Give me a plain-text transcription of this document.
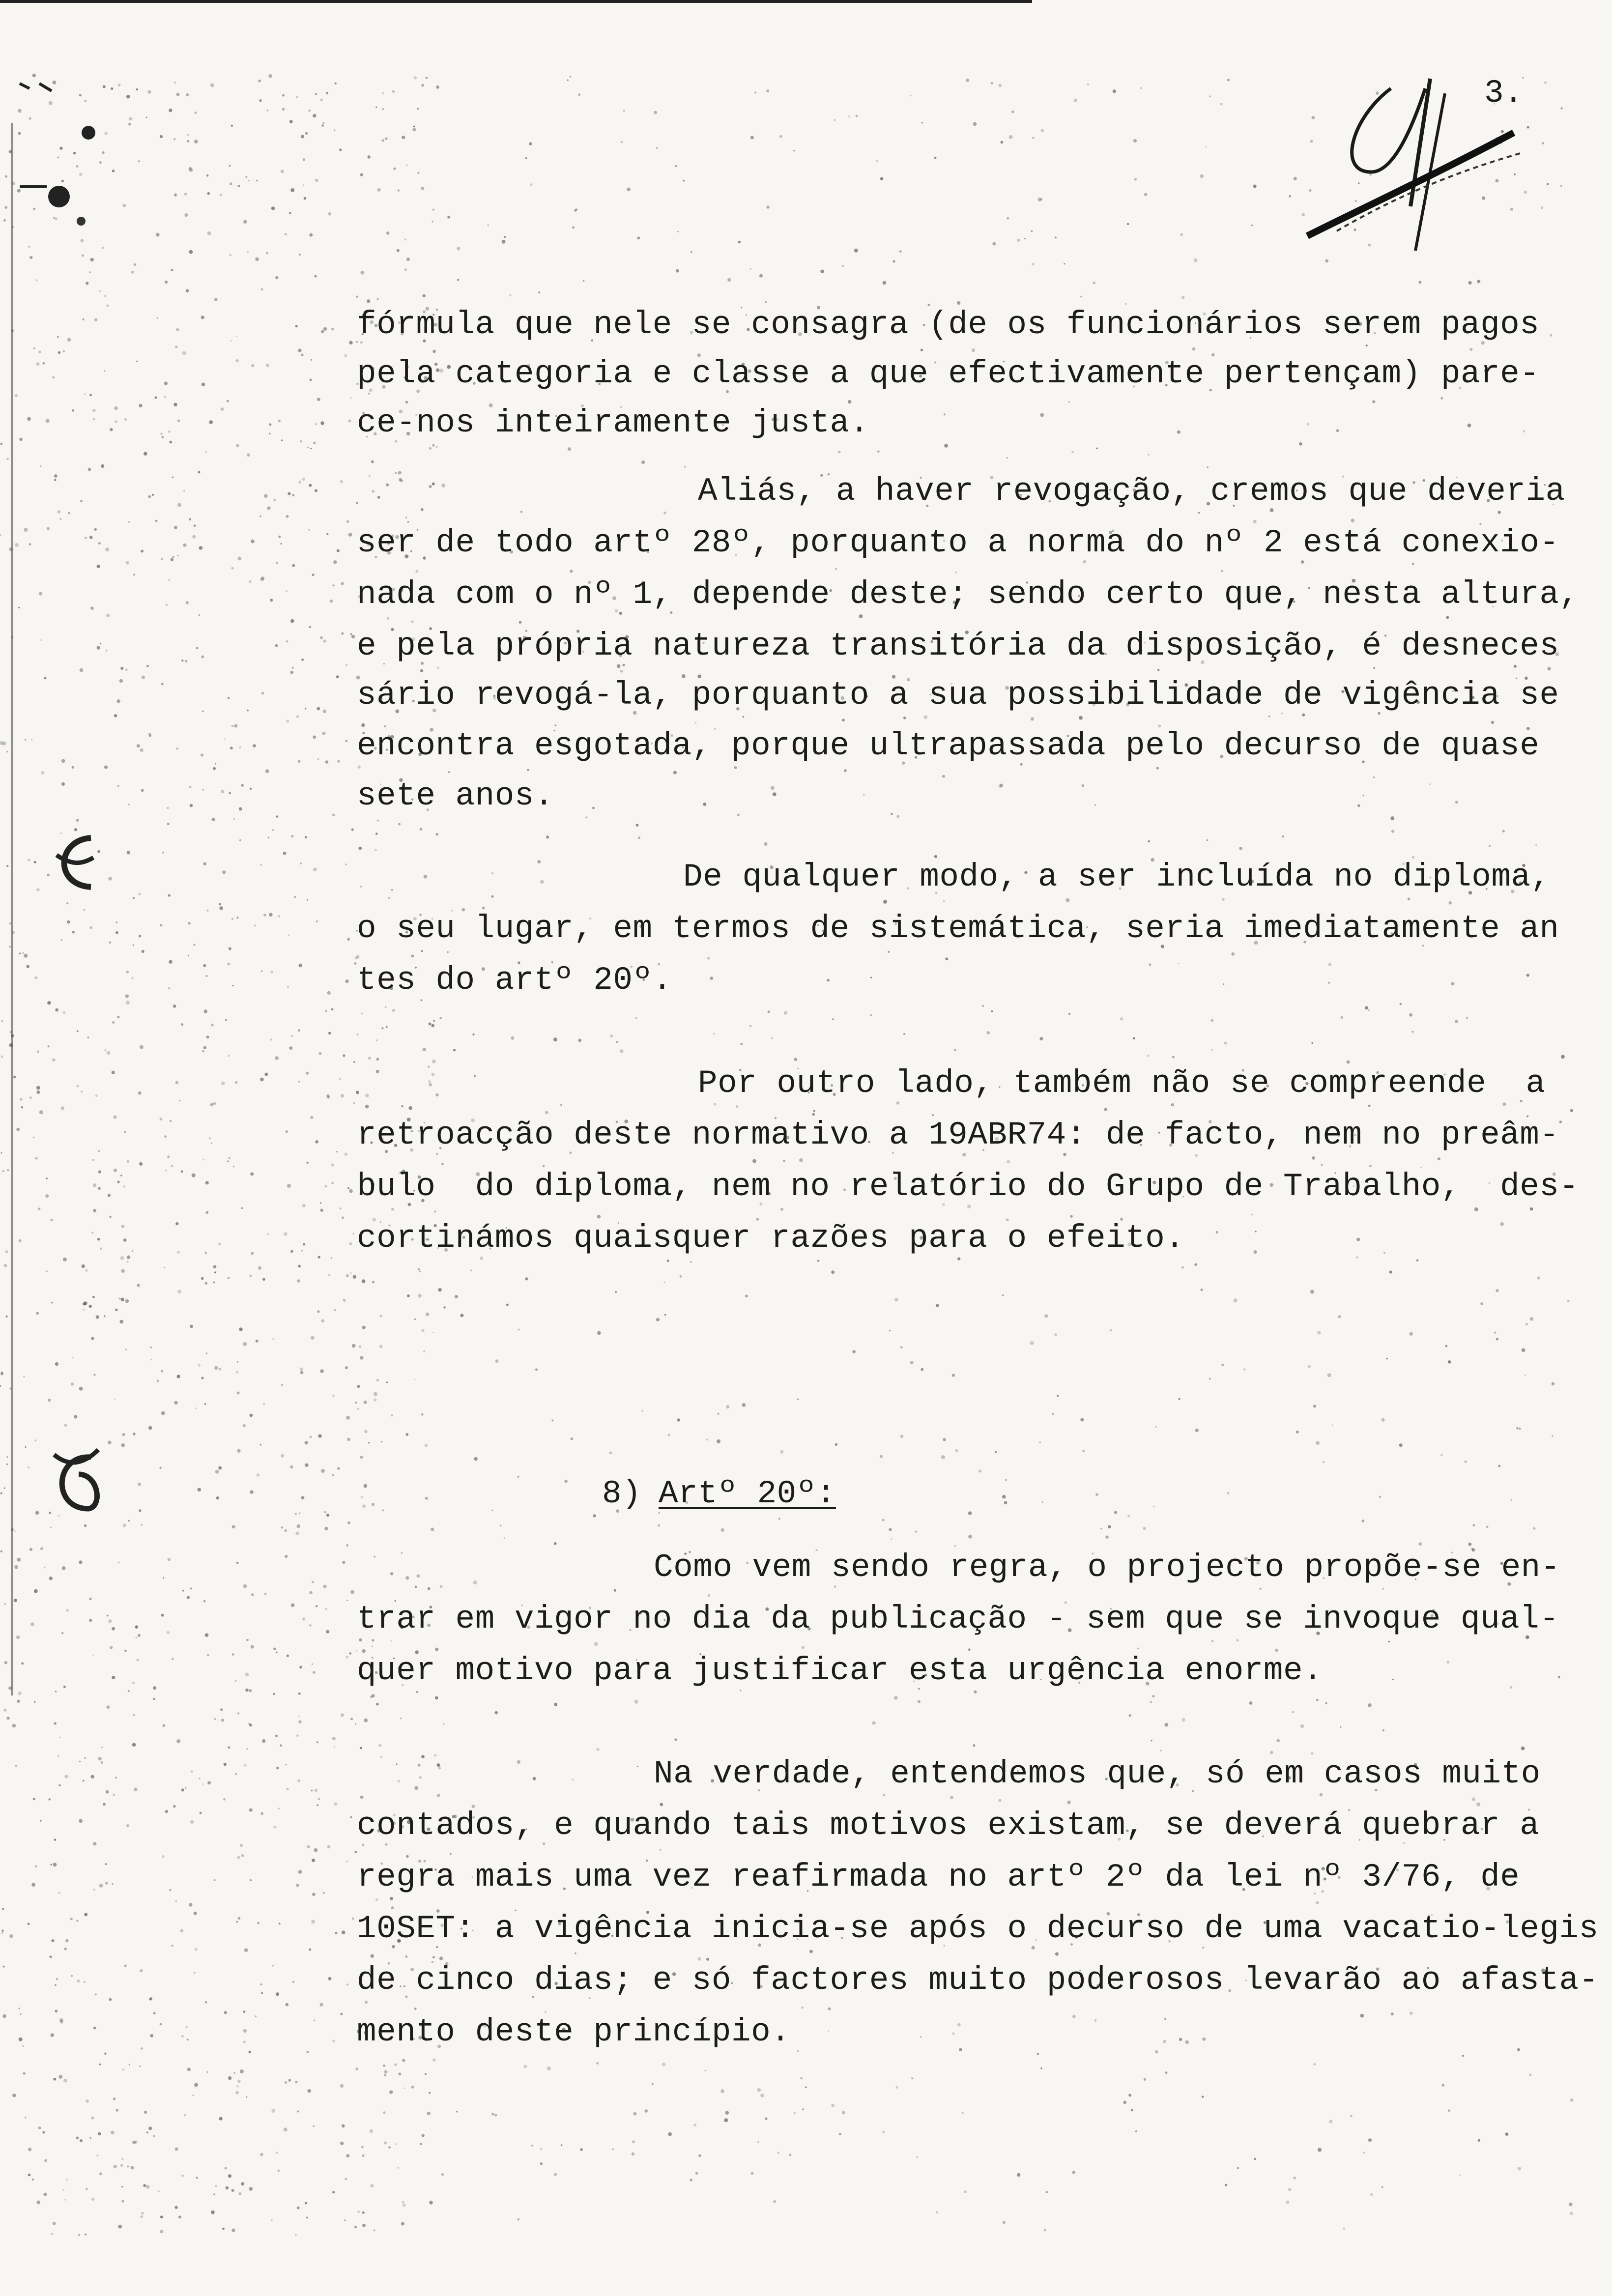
3.
fórmula que nele se consagra (de os funcionários serem pagos
pela categoria e classe a que efectivamente pertençam) pare-
ce-nos inteiramente justa.
Aliás, a haver revogação, cremos que deveria
ser de todo artº 28º, porquanto a norma do nº 2 está conexio-
nada com o nº 1, depende deste; sendo certo que, nesta altura,
e pela própria natureza transitória da disposição, é desneces
sário revogá-la, porquanto a sua possibilidade de vigência se
encontra esgotada, porque ultrapassada pelo decurso de quase
sete anos.
De qualquer modo, a ser incluída no diploma,
o seu lugar, em termos de sistemática, seria imediatamente an
tes do artº 20º.
Por outro lado, também não se compreende  a
retroacção deste normativo a 19ABR74: de facto, nem no preâm-
bulo  do diploma, nem no relatório do Grupo de Trabalho,  des-
cortinámos quaisquer razões para o efeito.
8) Artº 20º:
Como vem sendo regra, o projecto propõe-se en-
trar em vigor no dia da publicação - sem que se invoque qual-
quer motivo para justificar esta urgência enorme.
Na verdade, entendemos que, só em casos muito
contados, e quando tais motivos existam, se deverá quebrar a
regra mais uma vez reafirmada no artº 2º da lei nº 3/76, de
10SET: a vigência inicia-se após o decurso de uma vacatio-legis
de cinco dias; e só factores muito poderosos levarão ao afasta-
mento deste princípio.
